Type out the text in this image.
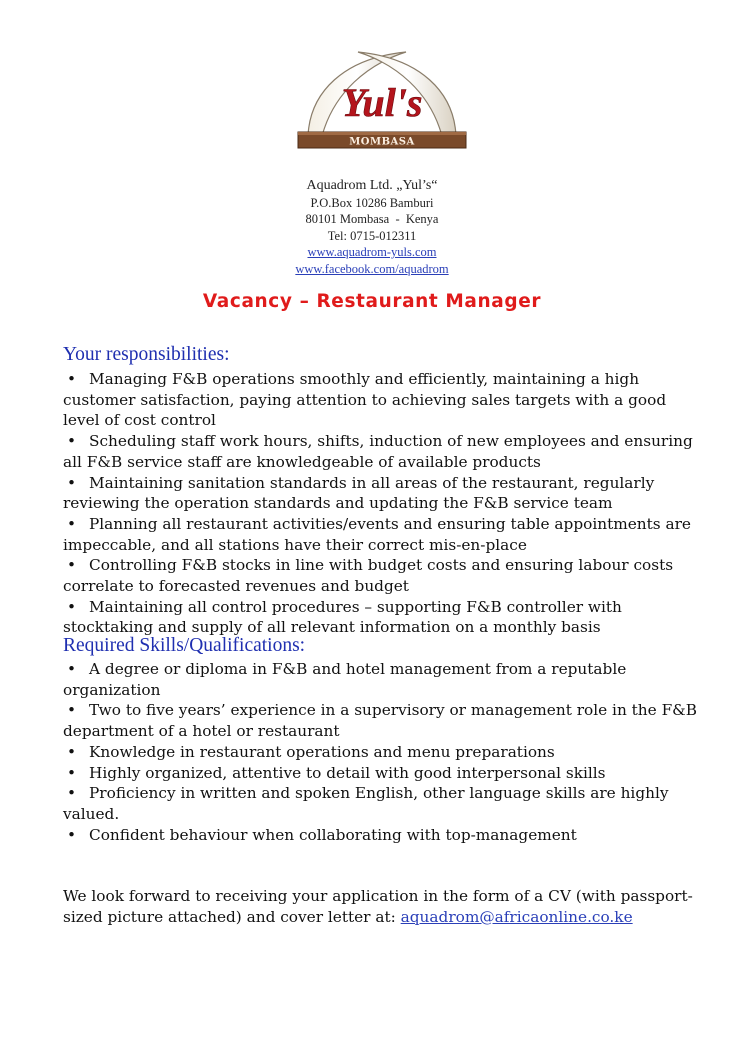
Yul's
MOMBASA
Aquadrom Ltd. „Yul’s“
P.O.Box 10286 Bamburi
80101 Mombasa  -  Kenya
Tel: 0715-012311
www.aquadrom-yuls.com
www.facebook.com/aquadrom
Vacancy – Restaurant Manager
Your responsibilities:
• Managing F&B operations smoothly and efficiently, maintaining a high customer satisfaction, paying attention to achieving sales targets with a good level of cost control
• Scheduling staff work hours, shifts, induction of new employees and ensuring all F&B service staff are knowledgeable of available products
• Maintaining sanitation standards in all areas of the restaurant, regularly reviewing the operation standards and updating the F&B service team
• Planning all restaurant activities/events and ensuring table appointments are impeccable, and all stations have their correct mis-en-place
• Controlling F&B stocks in line with budget costs and ensuring labour costs correlate to forecasted revenues and budget
• Maintaining all control procedures – supporting F&B controller with stocktaking and supply of all relevant information on a monthly basis
Required Skills/Qualifications:
• A degree or diploma in F&B and hotel management from a reputable organization
• Two to five years’ experience in a supervisory or management role in the F&B department of a hotel or restaurant
• Knowledge in restaurant operations and menu preparations
• Highly organized, attentive to detail with good interpersonal skills
• Proficiency in written and spoken English, other language skills are highly valued.
• Confident behaviour when collaborating with top-management

We look forward to receiving your application in the form of a CV (with passport-sized picture attached) and cover letter at: aquadrom@africaonline.co.ke
